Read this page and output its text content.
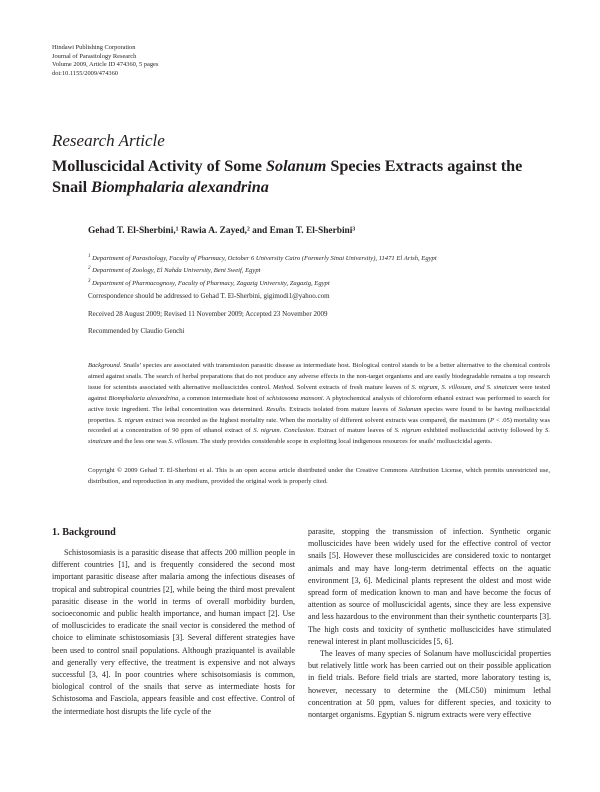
Hindawi Publishing Corporation
Journal of Parasitology Research
Volume 2009, Article ID 474360, 5 pages
doi:10.1155/2009/474360
Research Article
Molluscicidal Activity of Some Solanum Species Extracts against the Snail Biomphalaria alexandrina
Gehad T. El-Sherbini,¹ Rawia A. Zayed,² and Eman T. El-Sherbini³
$^1$ Department of Parasitology, Faculty of Pharmacy, October 6 University Cairo (Formerly Sinai University), 11471 El Arish, Egypt
$^2$ Department of Zoology, El Nahda University, Beni Sweif, Egypt
$^3$ Department of Pharmacognosy, Faculty of Pharmacy, Zagazig University, Zagazig, Egypt
Correspondence should be addressed to Gehad T. El-Sherbini, gigimodi1@yahoo.com
Received 28 August 2009; Revised 11 November 2009; Accepted 23 November 2009
Recommended by Claudio Genchi

Background. Snails’ species are associated with transmission parasitic disease as intermediate host. Biological control stands to be a better alternative to the chemical controls aimed against snails. The search of herbal preparations that do not produce any adverse effects in the non-target organisms and are easily biodegradable remains a top research issue for scientists associated with alternative molluscicides control. Method. Solvent extracts of fresh mature leaves of S. nigrum, S. villosum, and S. sinaicum were tested against Biomphalaria alexandrina, a common intermediate host of schistosoma mansoni. A phytochemical analysis of chloroform ethanol extract was performed to search for active toxic ingredient. The lethal concentration was determined. Results. Extracts isolated from mature leaves of Solanum species were found to be having molluscicidal properties. S. nigrum extract was recorded as the highest mortality rate. When the mortality of different solvent extracts was compared, the maximum (P < .05) mortality was recorded at a concentration of 90 ppm of ethanol extract of S. nigrum. Conclusion. Extract of mature leaves of S. nigrum exhibited molluscicidal activity followed by S. sinaicum and the less one was S. villosum. The study provides considerable scope in exploiting local indigenous resources for snails’ molluscicidal agents.

Copyright © 2009 Gehad T. El-Sherbini et al. This is an open access article distributed under the Creative Commons Attribution License, which permits unrestricted use, distribution, and reproduction in any medium, provided the original work is properly cited.
1. Background

Schistosomiasis is a parasitic disease that affects 200 million people in different countries [1], and is frequently considered the second most important parasitic disease after malaria among the infectious diseases of tropical and subtropical countries [2], while being the third most prevalent parasitic disease in the world in terms of overall morbidity burden, socioeconomic and public health importance, and human impact [2]. Use of molluscicides to eradicate the snail vector is considered the method of choice to eliminate schistosomiasis [3]. Several different strategies have been used to control snail populations. Although praziquantel is available and generally very effective, the treatment is expensive and not always successful [3, 4]. In poor countries where schisotsomiasis is common, biological control of the snails that serve as intermediate hosts for Schistosoma and Fasciola, appears feasible and cost effective. Control of the intermediate host disrupts the life cycle of the

parasite, stopping the transmission of infection. Synthetic organic molluscicides have been widely used for the effective control of vector snails [5]. However these molluscicides are considered toxic to nontarget animals and may have long-term detrimental effects on the aquatic environment [3, 6]. Medicinal plants represent the oldest and most wide spread form of medication known to man and have become the focus of attention as source of molluscicidal agents, since they are less expensive and less hazardous to the environment than their synthetic counterparts [3]. The high costs and toxicity of synthetic molluscicides have stimulated renewal interest in plant molluscicides [5, 6].

The leaves of many species of Solanum have molluscicidal properties but relatively little work has been carried out on their possible application in field trials. Before field trials are started, more laboratory testing is, however, necessary to determine the (MLC50) minimum lethal concentration at 50 ppm, values for different species, and toxicity to nontarget organisms. Egyptian S. nigrum extracts were very effective
